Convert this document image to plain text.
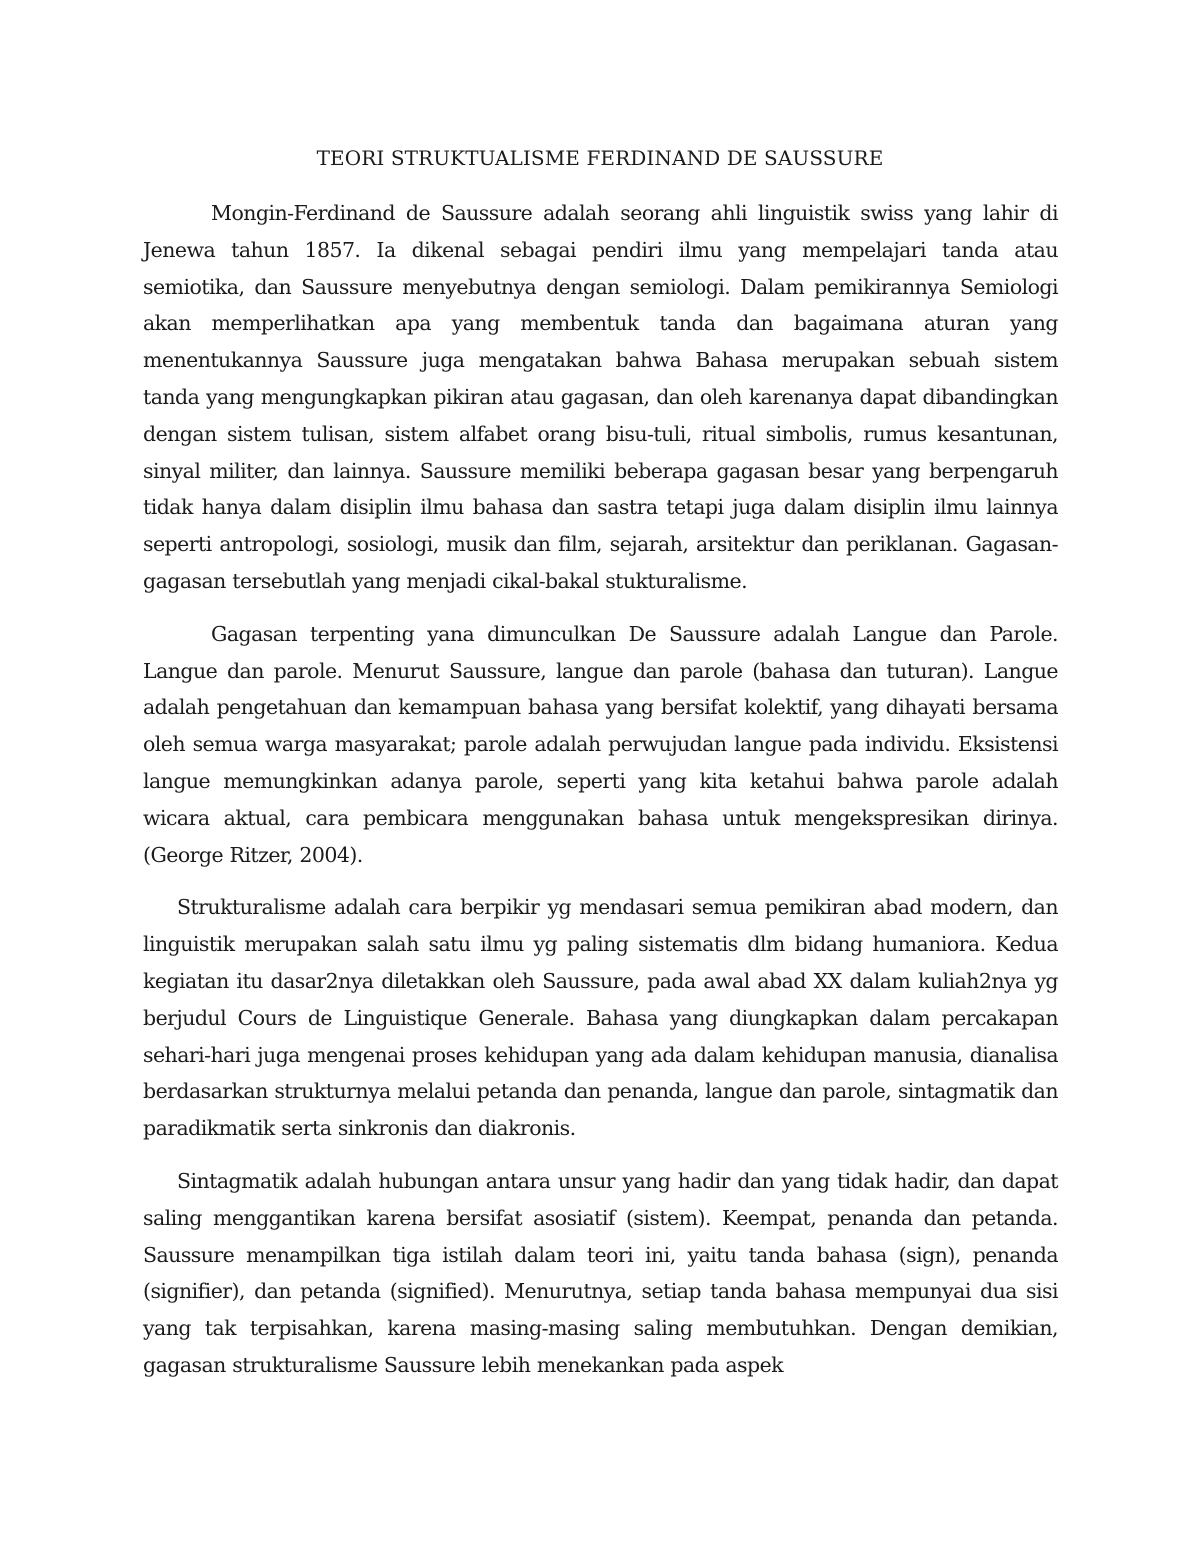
TEORI STRUKTUALISME FERDINAND DE SAUSSURE

Mongin-Ferdinand de Saussure adalah seorang ahli linguistik swiss yang lahir di Jenewa tahun 1857. Ia dikenal sebagai pendiri ilmu yang mempelajari tanda atau semiotika, dan Saussure menyebutnya dengan semiologi. Dalam pemikirannya Semiologi akan memperlihatkan apa yang membentuk tanda dan bagaimana aturan yang menentukannya Saussure juga mengatakan bahwa Bahasa merupakan sebuah sistem tanda yang mengungkapkan pikiran atau gagasan, dan oleh karenanya dapat dibandingkan dengan sistem tulisan, sistem alfabet orang bisu-tuli, ritual simbolis, rumus kesantunan, sinyal militer, dan lainnya. Saussure memiliki beberapa gagasan besar yang berpengaruh tidak hanya dalam disiplin ilmu bahasa dan sastra tetapi juga dalam disiplin ilmu lainnya seperti antropologi, sosiologi, musik dan film, sejarah, arsitektur dan periklanan. Gagasan-gagasan tersebutlah yang menjadi cikal-bakal stukturalisme.

Gagasan terpenting yana dimunculkan De Saussure adalah Langue dan Parole. Langue dan parole. Menurut Saussure, langue dan parole (bahasa dan tuturan). Langue adalah pengetahuan dan kemampuan bahasa yang bersifat kolektif, yang dihayati bersama oleh semua warga masyarakat; parole adalah perwujudan langue pada individu. Eksistensi langue memungkinkan adanya parole, seperti yang kita ketahui bahwa parole adalah wicara aktual, cara pembicara menggunakan bahasa untuk mengekspresikan dirinya. (George Ritzer, 2004).

Strukturalisme adalah cara berpikir yg mendasari semua pemikiran abad modern, dan linguistik merupakan salah satu ilmu yg paling sistematis dlm bidang humaniora. Kedua kegiatan itu dasar2nya diletakkan oleh Saussure, pada awal abad XX dalam kuliah2nya yg berjudul Cours de Linguistique Generale. Bahasa yang diungkapkan dalam percakapan sehari-hari juga mengenai proses kehidupan yang ada dalam kehidupan manusia, dianalisa berdasarkan strukturnya melalui petanda dan penanda, langue dan parole, sintagmatik dan paradikmatik serta sinkronis dan diakronis.

Sintagmatik adalah hubungan antara unsur yang hadir dan yang tidak hadir, dan dapat saling menggantikan karena bersifat asosiatif (sistem). Keempat, penanda dan petanda. Saussure menampilkan tiga istilah dalam teori ini, yaitu tanda bahasa (sign), penanda (signifier), dan petanda (signified). Menurutnya, setiap tanda bahasa mempunyai dua sisi yang tak terpisahkan, karena masing-masing saling membutuhkan. Dengan demikian, gagasan strukturalisme Saussure lebih menekankan pada aspek
